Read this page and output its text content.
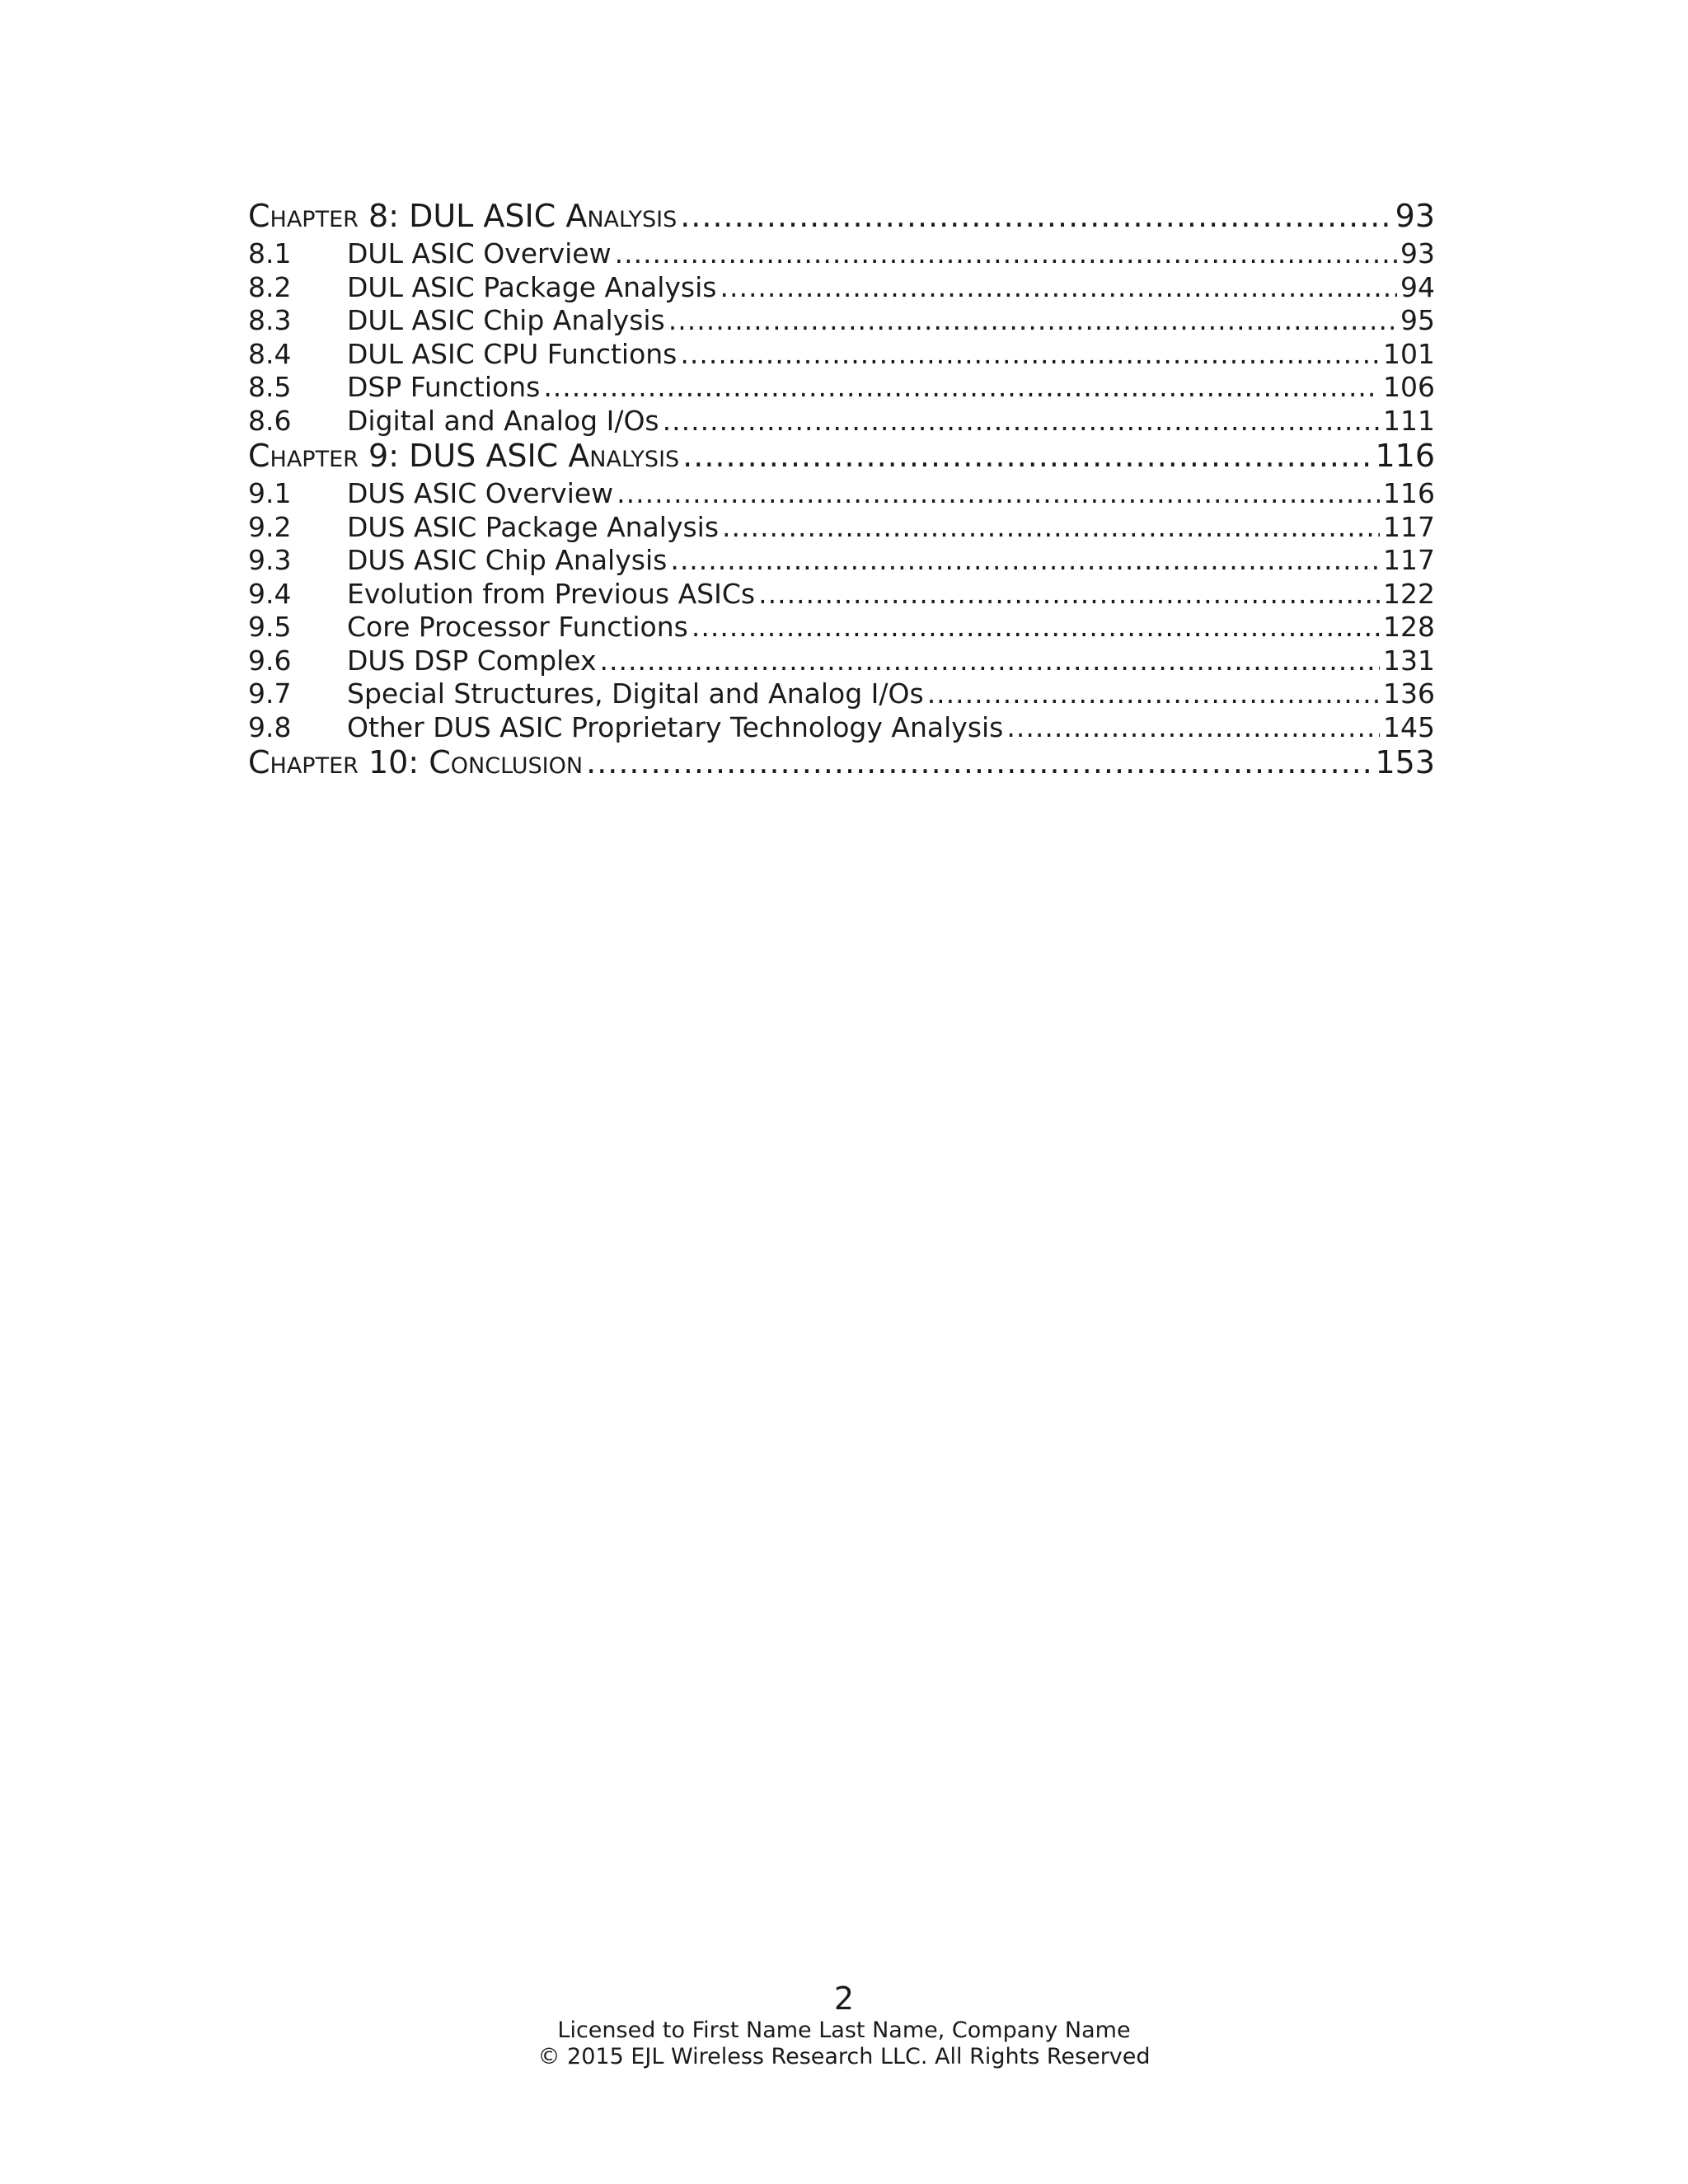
Chapter 8: DUL ASIC Analysis .....	93
8.1	DUL ASIC Overview .....	93
8.2	DUL ASIC Package Analysis .....	94
8.3	DUL ASIC Chip Analysis .....	95
8.4	DUL ASIC CPU Functions .....	101
8.5	DSP Functions .....	106
8.6	Digital and Analog I/Os .....	111
Chapter 9: DUS ASIC Analysis .....	116
9.1	DUS ASIC Overview .....	116
9.2	DUS ASIC Package Analysis .....	117
9.3	DUS ASIC Chip Analysis .....	117
9.4	Evolution from Previous ASICs .....	122
9.5	Core Processor Functions .....	128
9.6	DUS DSP Complex .....	131
9.7	Special Structures, Digital and Analog I/Os .....	136
9.8	Other DUS ASIC Proprietary Technology Analysis .....	145
Chapter 10: Conclusion .....	153
2
Licensed to First Name Last Name, Company Name
© 2015 EJL Wireless Research LLC. All Rights Reserved
